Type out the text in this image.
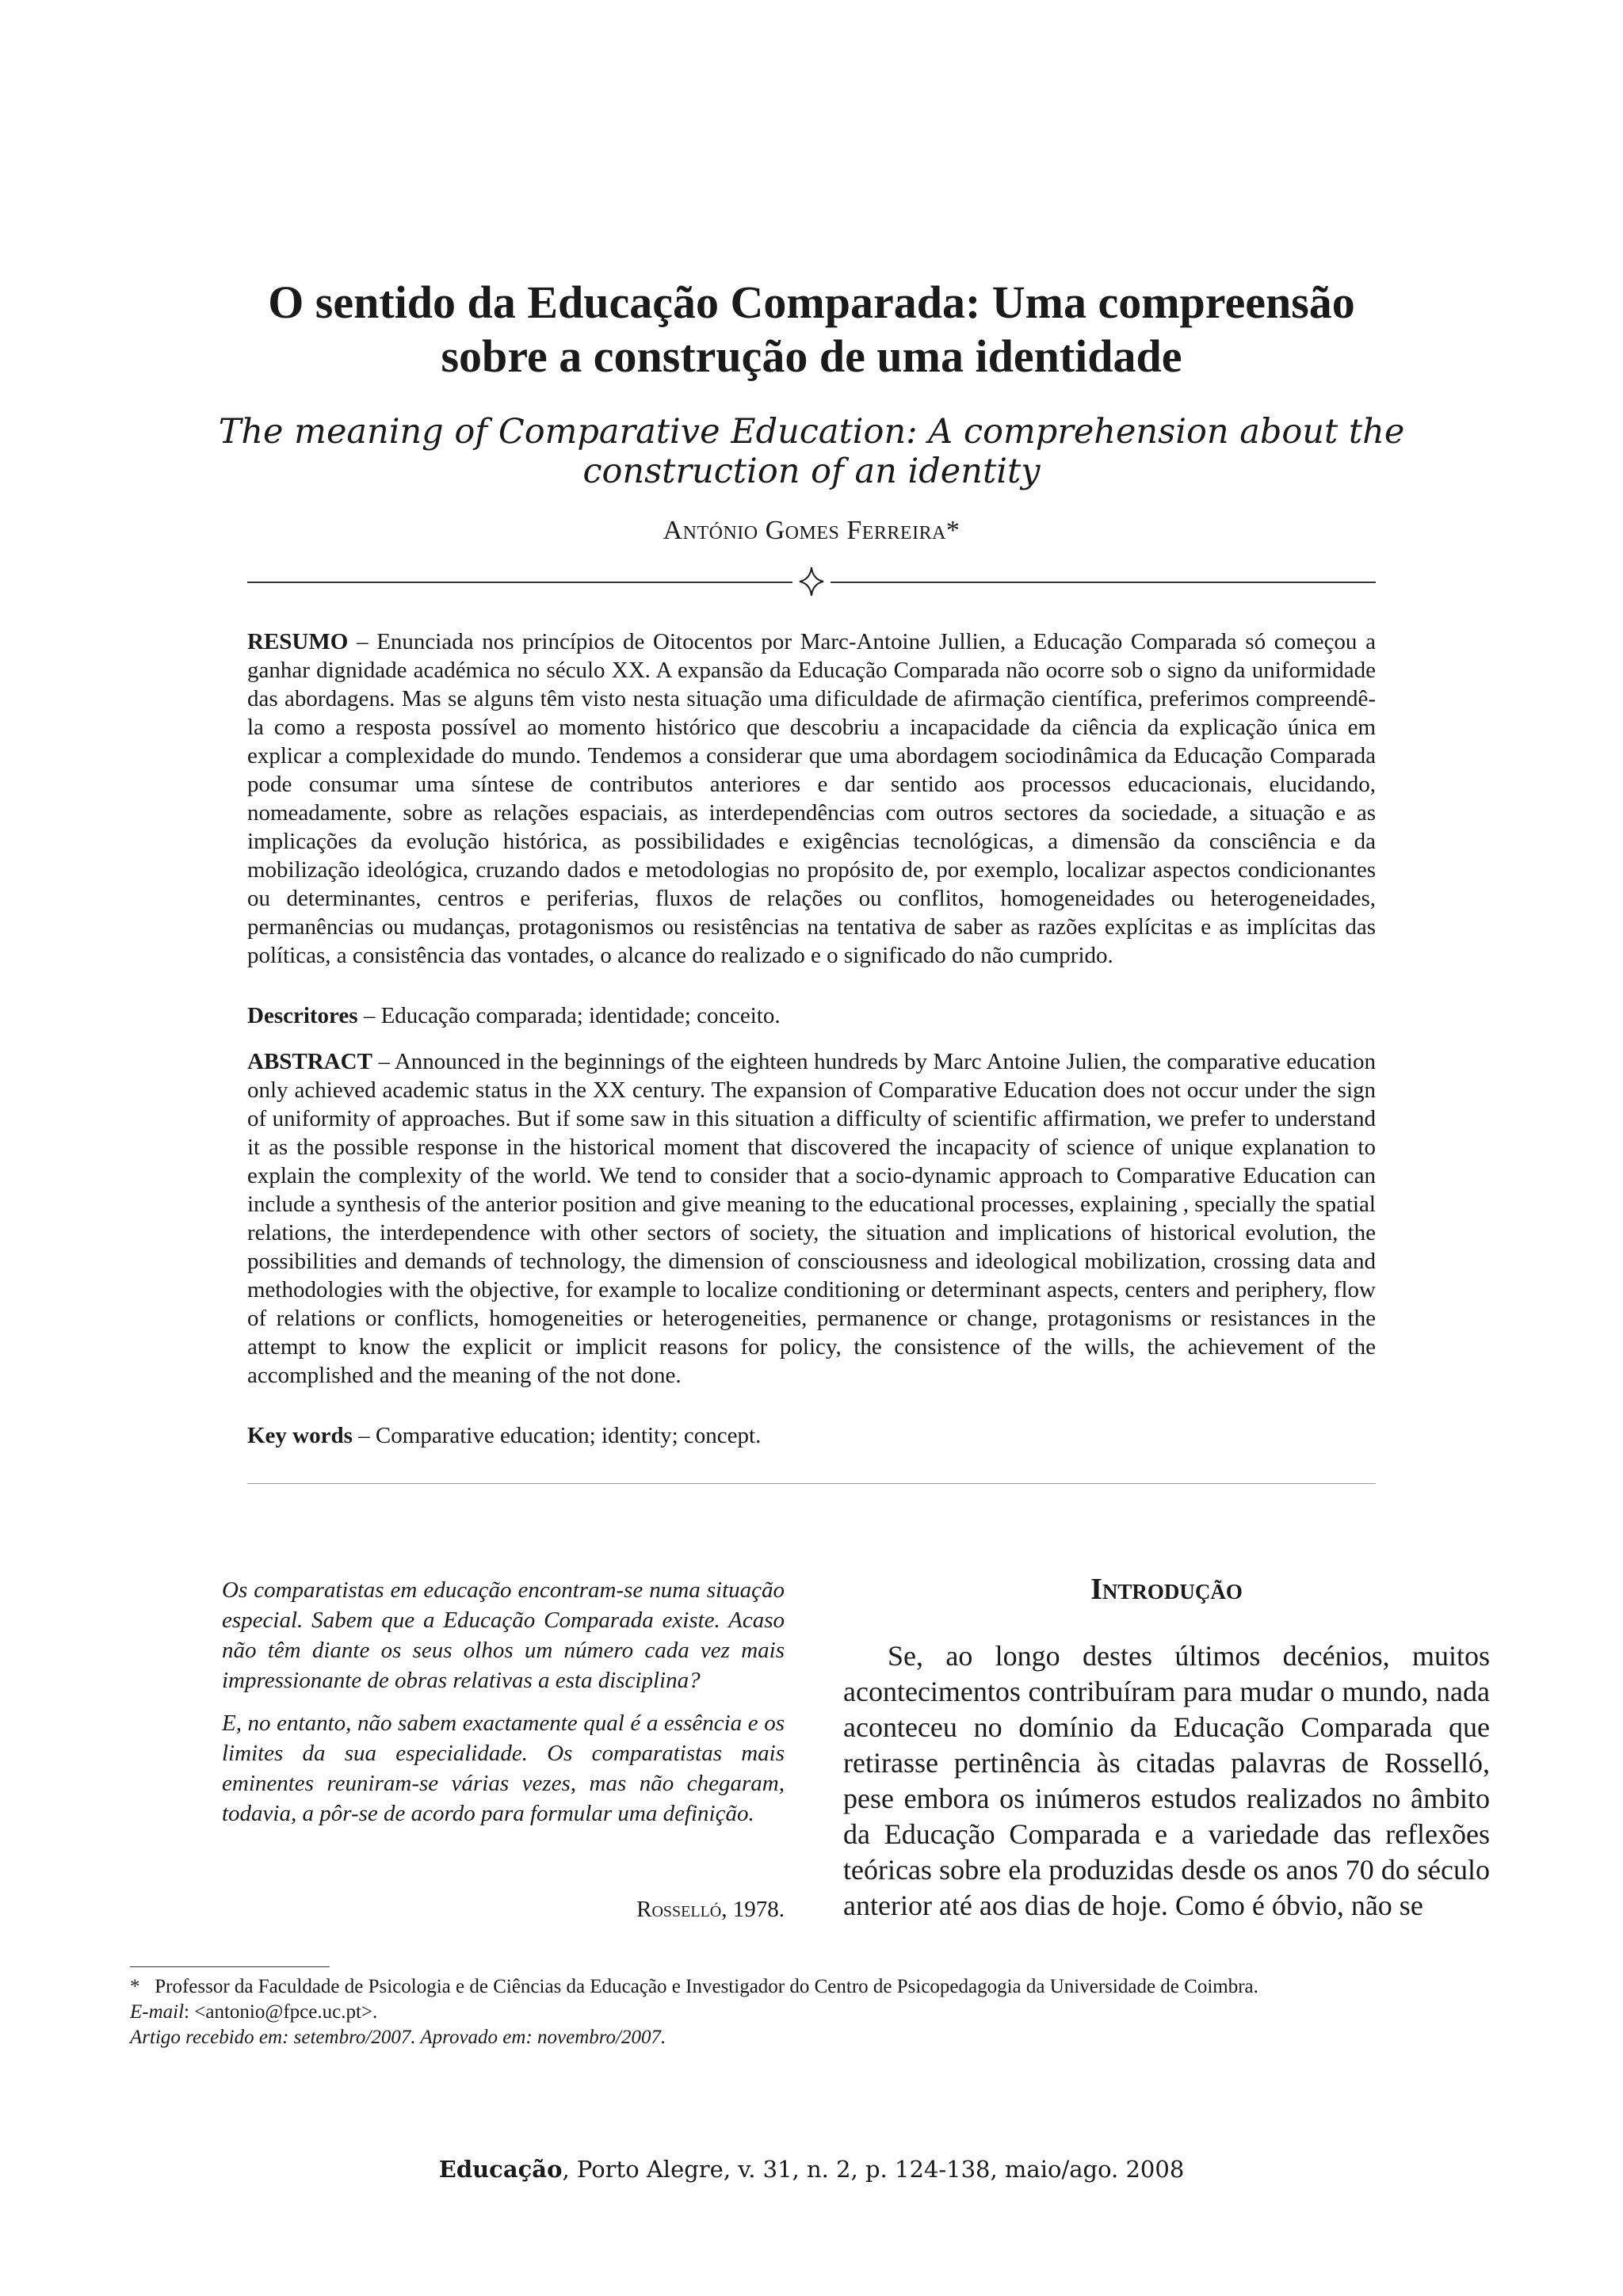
O sentido da Educação Comparada: Uma compreensão
sobre a construção de uma identidade
The meaning of Comparative Education: A comprehension about the
construction of an identity
António Gomes Ferreira*
RESUMO – Enunciada nos princípios de Oitocentos por Marc-Antoine Jullien, a Educação Comparada só começou a ganhar dignidade académica no século XX. A expansão da Educação Comparada não ocorre sob o signo da uniformidade das abordagens. Mas se alguns têm visto nesta situação uma dificuldade de afirmação científica, preferimos compreendê-la como a resposta possível ao momento histórico que descobriu a incapacidade da ciência da explicação única em explicar a complexidade do mundo. Tendemos a considerar que uma abordagem sociodinâmica da Educação Comparada pode consumar uma síntese de contributos anteriores e dar sentido aos processos educacionais, elucidando, nomeadamente, sobre as relações espaciais, as interdependências com outros sectores da sociedade, a situação e as implicações da evolução histórica, as possibilidades e exigências tecnológicas, a dimensão da consciência e da mobilização ideológica, cruzando dados e metodologias no propósito de, por exemplo, localizar aspectos condicionantes ou determinantes, centros e periferias, fluxos de relações ou conflitos, homogeneidades ou heterogeneidades, permanências ou mudanças, protagonismos ou resistências na tentativa de saber as razões explícitas e as implícitas das políticas, a consistência das vontades, o alcance do realizado e o significado do não cumprido.
Descritores – Educação comparada; identidade; conceito.
ABSTRACT – Announced in the beginnings of the eighteen hundreds by Marc Antoine Julien, the comparative education only achieved academic status in the XX century. The expansion of Comparative Education does not occur under the sign of uniformity of approaches. But if some saw in this situation a difficulty of scientific affirmation, we prefer to understand it as the possible response in the historical moment that discovered the incapacity of science of unique explanation to explain the complexity of the world. We tend to consider that a socio-dynamic approach to Comparative Education can include a synthesis of the anterior position and give meaning to the educational processes, explaining , specially the spatial relations, the interdependence with other sectors of society, the situation and implications of historical evolution, the possibilities and demands of technology, the dimension of consciousness and ideological mobilization, crossing data and methodologies with the objective, for example to localize conditioning or determinant aspects, centers and periphery, flow of relations or conflicts, homogeneities or heterogeneities, permanence or change, protagonisms or resistances in the attempt to know the explicit or implicit reasons for policy, the consistence of the wills, the achievement of the accomplished and the meaning of the not done.
Key words – Comparative education; identity; concept.

Os comparatistas em educação encontram-se numa situação especial. Sabem que a Educação Comparada existe. Acaso não têm diante os seus olhos um número cada vez mais impressionante de obras relativas a esta disciplina?

E, no entanto, não sabem exactamente qual é a essência e os limites da sua especialidade. Os comparatistas mais eminentes reuniram-se várias vezes, mas não chegaram, todavia, a pôr-se de acordo para formular uma definição.

Rosselló, 1978.
Introdução
Se, ao longo destes últimos decénios, muitos acontecimentos contribuíram para mudar o mundo, nada aconteceu no domínio da Educação Comparada que retirasse pertinência às citadas palavras de Rosselló, pese embora os inúmeros estudos realizados no âmbito da Educação Comparada e a variedade das reflexões teóricas sobre ela produzidas desde os anos 70 do século anterior até aos dias de hoje. Como é óbvio, não se
* Professor da Faculdade de Psicologia e de Ciências da Educação e Investigador do Centro de Psicopedagogia da Universidade de Coimbra.
E-mail: <antonio@fpce.uc.pt>.
Artigo recebido em: setembro/2007. Aprovado em: novembro/2007.
Educação, Porto Alegre, v. 31, n. 2, p. 124-138, maio/ago. 2008
